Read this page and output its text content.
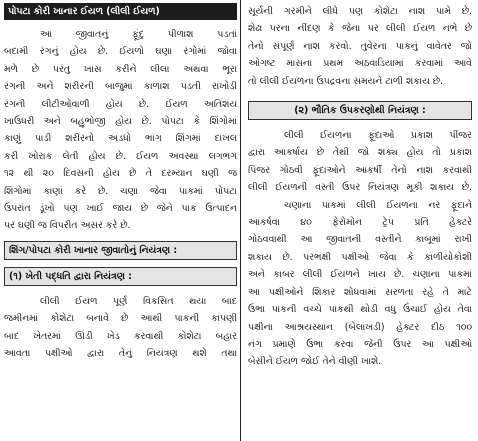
પોપટા કોરી ખાનાર ઈયળ (લીલી ઈયળ)
આ જીવાતનું ફૂંદુ પીળાશ પડતાં
બદામી રંગનું હોય છે. ઈયળો ઘણા રંગોમાં જોવા
મળે છે પરંતુ ખાસ કરીને લીલા અથવા ભૂરા
રંગની અને શરીરની બાજુમાં કાળાશ પડતી રાખોડી
રંગની લીટીઓવાળી હોય છે. ઈયળ અતિશય
ખાઉધરી અને બહુભોજી હોય છે. પોપટા કે શિંગોમાં
કાણું પાડી શરીરનો અડધો ભાગ શિંગમાં દાખલ
કરી ખોરાક લેતી હોય છે. ઈયળ અવસ્થા લગભગ
૧૨ થી ૨૦ દિવસની હોય છે તે દરમ્યાન ઘણી જ
શિંગોમાં કાણાં કરે છે. ચણા જેવા પાકમાં પોપટા
ઉપરાંત ડૂંખો પણ ખાઈ જાય છે જેને પાક ઉત્પાદન
પર ઘણી જ વિપરીત અસર કરે છે.
શિંગ/પોપટા કોરી ખાનાર જીવાતોનું નિયંત્રણ :
(૧) ખેતી પદ્ધતિ દ્વારા નિયંત્રણ :
લીલી ઈયળ પૂર્ણ વિકસિત થયા બાદ
જમીનમાં કોશેટા બનાવે છે આથી પાકની કાપણી
બાદ ખેતરમાં ઊંડી ખેડ કરવાથી કોશેટા બહાર
આવતા પક્ષીઓ દ્વારા તેનું નિયંત્રણ થશે તથા
સૂર્યની ગરમીને લીધે પણ કોશેટા નાશ પામે છે.
શેઢા પરના નીંદણ કે જેના પર લીલી ઈયળ નભે છે
તેનો સંપૂર્ણ નાશ કરવો. તુવેરના પાકનું વાવેતર જો
ઓગષ્ટ માસના પ્રથમ અઠવાડિયામાં કરવામાં આવે
તો લીલી ઈયળના ઉપદ્રવના સમયને ટાળી શકાય છે.
(૨) ભૌતિક ઉપકરણોથી નિયંત્રણ :
લીલી ઈયળના ફૂંદાઓ પ્રકાશ પીંજર
દ્વારા આકર્ષાય છે તેથી જો શક્ય હોય તો પ્રકાશ
પિંજર ગોઠવી ફૂંદાઓને આકર્ષી તેનો નાશ કરવાથી
લીલી ઈયળની વસ્તી ઉપર નિયંત્રણ મૂકી શકાય છે.
ચણાના પાકમાં લીલી ઈયળના નર ફૂંદાને
આકર્ષવા ૪૦ ફેરોમોન ટ્રેપ પ્રતિ હેક્ટરે
ગોઠવવાથી આ જીવાતની વસ્તીને કાબૂમાં રાખી
શકાય છે. પરભક્ષી પક્ષીઓ જેવા કે કાળીયોકોશી
અને કાબર લીલી ઈયળને ખાય છે. ચણાના પાકમાં
આ પક્ષીઓને શિકાર શોધવામાં સરળતા રહે તે માટે
ઉભા પાકની વચ્ચે પાકથી થોડી વધુ ઉંચાઈ હોય તેવા
પક્ષીના આશ્રયસ્થાન (બેલાખડી) હેક્ટર દીઠ ૧૦૦
નંગ પ્રમાણે ઉભા કરવા જેની ઉપર આ પક્ષીઓ
બેસીને ઈયળ જોઈ તેને વીણી ખાશે.
